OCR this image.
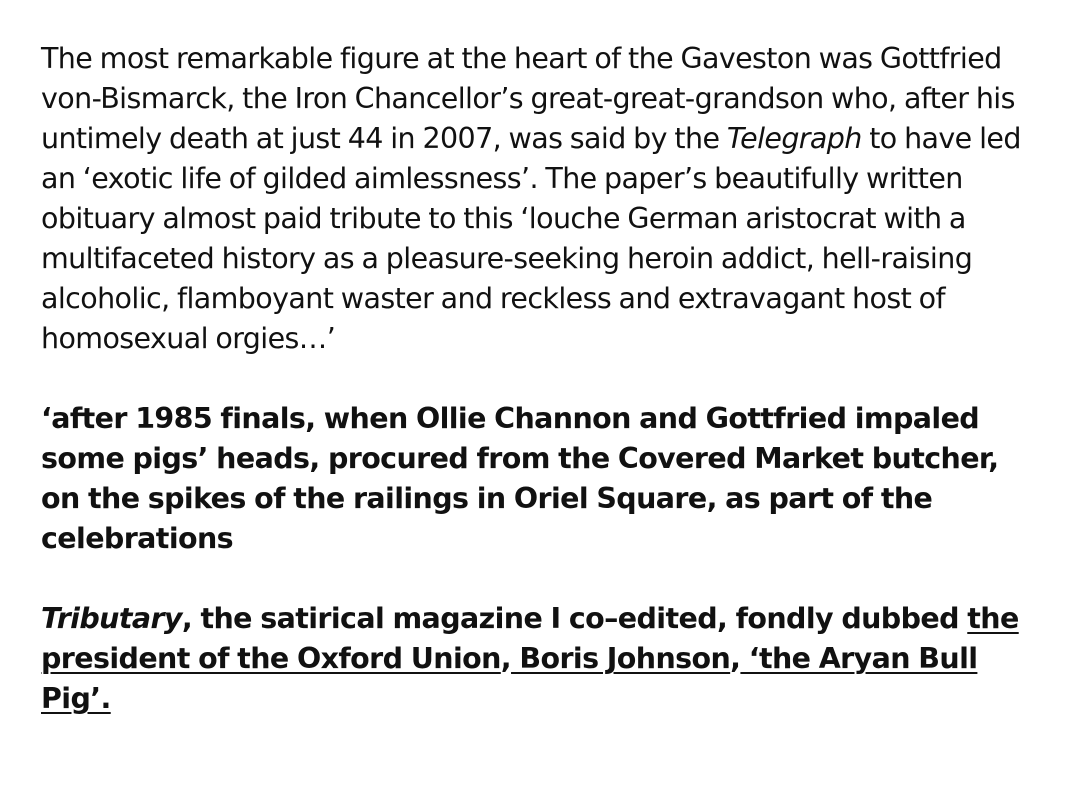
The most remarkable figure at the heart of the Gaveston was Gottfried von-Bismarck, the Iron Chancellor’s great-great-grandson who, after his untimely death at just 44 in 2007, was said by the Telegraph to have led an ‘exotic life of gilded aimlessness’. The paper’s beautifully written obituary almost paid tribute to this ‘louche German aristocrat with a multifaceted history as a pleasure-seeking heroin addict, hell-raising alcoholic, flamboyant waster and reckless and extravagant host of homosexual orgies…’

‘after 1985 finals, when Ollie Channon and Gottfried impaled some pigs’ heads, procured from the Covered Market butcher, on the spikes of the railings in Oriel Square, as part of the celebrations

Tributary, the satirical magazine I co–edited, fondly dubbed the president of the Oxford Union, Boris Johnson, ‘the Aryan Bull Pig’.
